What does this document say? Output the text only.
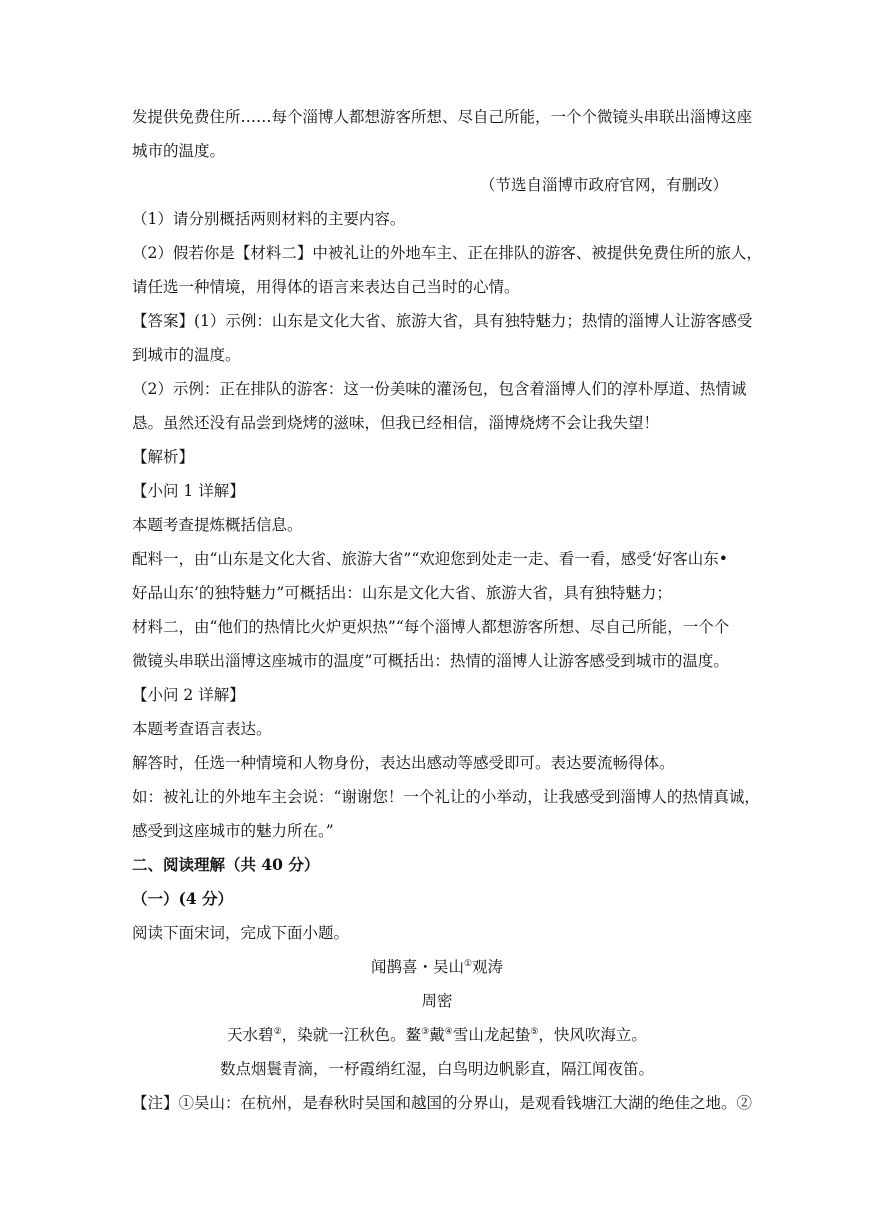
发提供免费住所……每个淄博人都想游客所想、尽自己所能，一个个微镜头串联出淄博这座
城市的温度。
（节选自淄博市政府官网，有删改）
（1）请分别概括两则材料的主要内容。
（2）假若你是【材料二】中被礼让的外地车主、正在排队的游客、被提供免费住所的旅人，
请任选一种情境，用得体的语言来表达自己当时的心情。
【答案】(1）示例：山东是文化大省、旅游大省，具有独特魅力；热情的淄博人让游客感受
到城市的温度。
（2）示例：正在排队的游客：这一份美味的灌汤包，包含着淄博人们的淳朴厚道、热情诚
恳。虽然还没有品尝到烧烤的滋味，但我已经相信，淄博烧烤不会让我失望！
【解析】
【小问 1 详解】
本题考查提炼概括信息。
配料一，由“山东是文化大省、旅游大省”“欢迎您到处走一走、看一看，感受‘好客山东•
好品山东’的独特魅力”可概括出：山东是文化大省、旅游大省，具有独特魅力；
材料二，由“他们的热情比火炉更炽热”“每个淄博人都想游客所想、尽自己所能，一个个
微镜头串联出淄博这座城市的温度”可概括出：热情的淄博人让游客感受到城市的温度。
【小问 2 详解】
本题考查语言表达。
解答时，任选一种情境和人物身份，表达出感动等感受即可。表达要流畅得体。
如：被礼让的外地车主会说：“谢谢您！一个礼让的小举动，让我感受到淄博人的热情真诚，
感受到这座城市的魅力所在。”
二、阅读理解（共 40 分）
（一）(4 分）
阅读下面宋词，完成下面小题。
闻鹊喜・吴山①观涛
周密
天水碧②，染就一江秋色。鳌③戴④雪山龙起蛰⑤，快风吹海立。
数点烟鬟青滴，一杼霞绡红湿，白鸟明边帆影直，隔江闻夜笛。
【注】①吴山：在杭州，是春秋时吴国和越国的分界山，是观看钱塘江大湖的绝佳之地。②
